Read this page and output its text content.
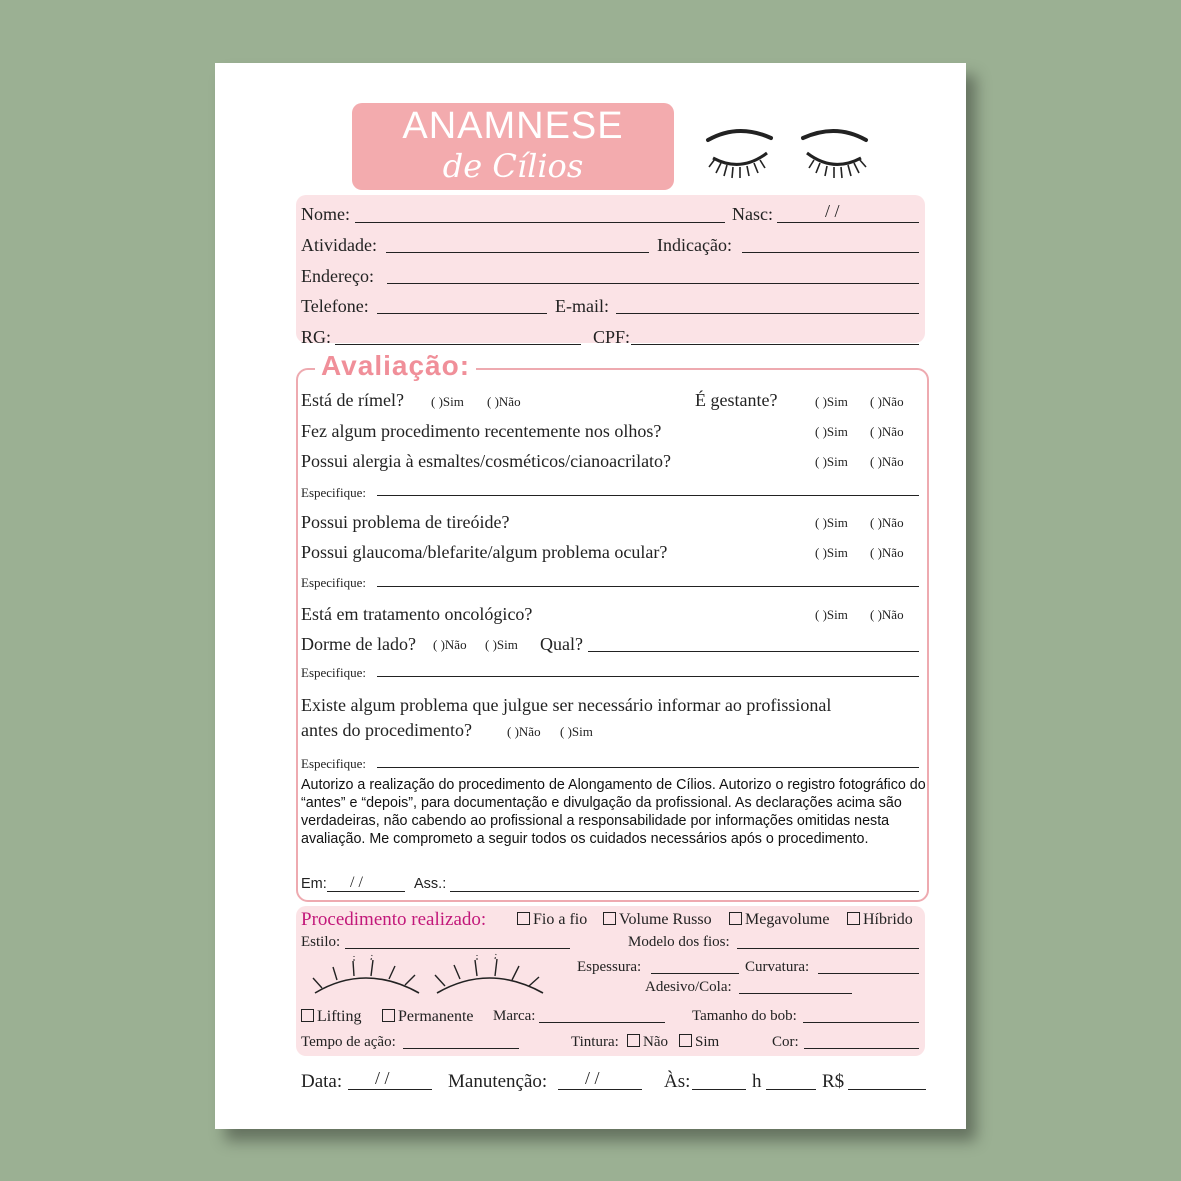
ANAMNESE
de Cílios
Nome:	Nasc:	/ /
Atividade:	Indicação:
Endereço:
Telefone:	E-mail:
RG:	CPF:
Avaliação:
Está de rímel? ( )Sim ( )Não	É gestante?	( )Sim ( )Não
Fez algum procedimento recentemente nos olhos?	( )Sim ( )Não
Possui alergia à esmaltes/cosméticos/cianoacrilato?	( )Sim ( )Não
Especifique:
Possui problema de tireóide?	( )Sim ( )Não
Possui glaucoma/blefarite/algum problema ocular?	( )Sim ( )Não
Especifique:
Está em tratamento oncológico?	( )Sim ( )Não
Dorme de lado? ( )Não ( )Sim Qual?
Especifique:
Existe algum problema que julgue ser necessário informar ao profissional
antes do procedimento?	( )Não ( )Sim
Especifique:
Autorizo a realização do procedimento de Alongamento de Cílios. Autorizo o registro fotográfico do “antes” e “depois”, para documentação e divulgação da profissional. As declarações acima são verdadeiras, não cabendo ao profissional a responsabilidade por informações omitidas nesta avaliação. Me comprometo a seguir todos os cuidados necessários após o procedimento.
Em: / /	Ass.:
Procedimento realizado:	Fio a fio	Volume Russo	Megavolume	Híbrido
Estilo:	Modelo dos fios:
Espessura:	Curvatura:
Adesivo/Cola:
Lifting	Permanente Marca:	Tamanho do bob:
Tempo de ação:	Tintura:	Não	Sim	Cor:
Data: / /	Manutenção: / /	Às:	h	R$
